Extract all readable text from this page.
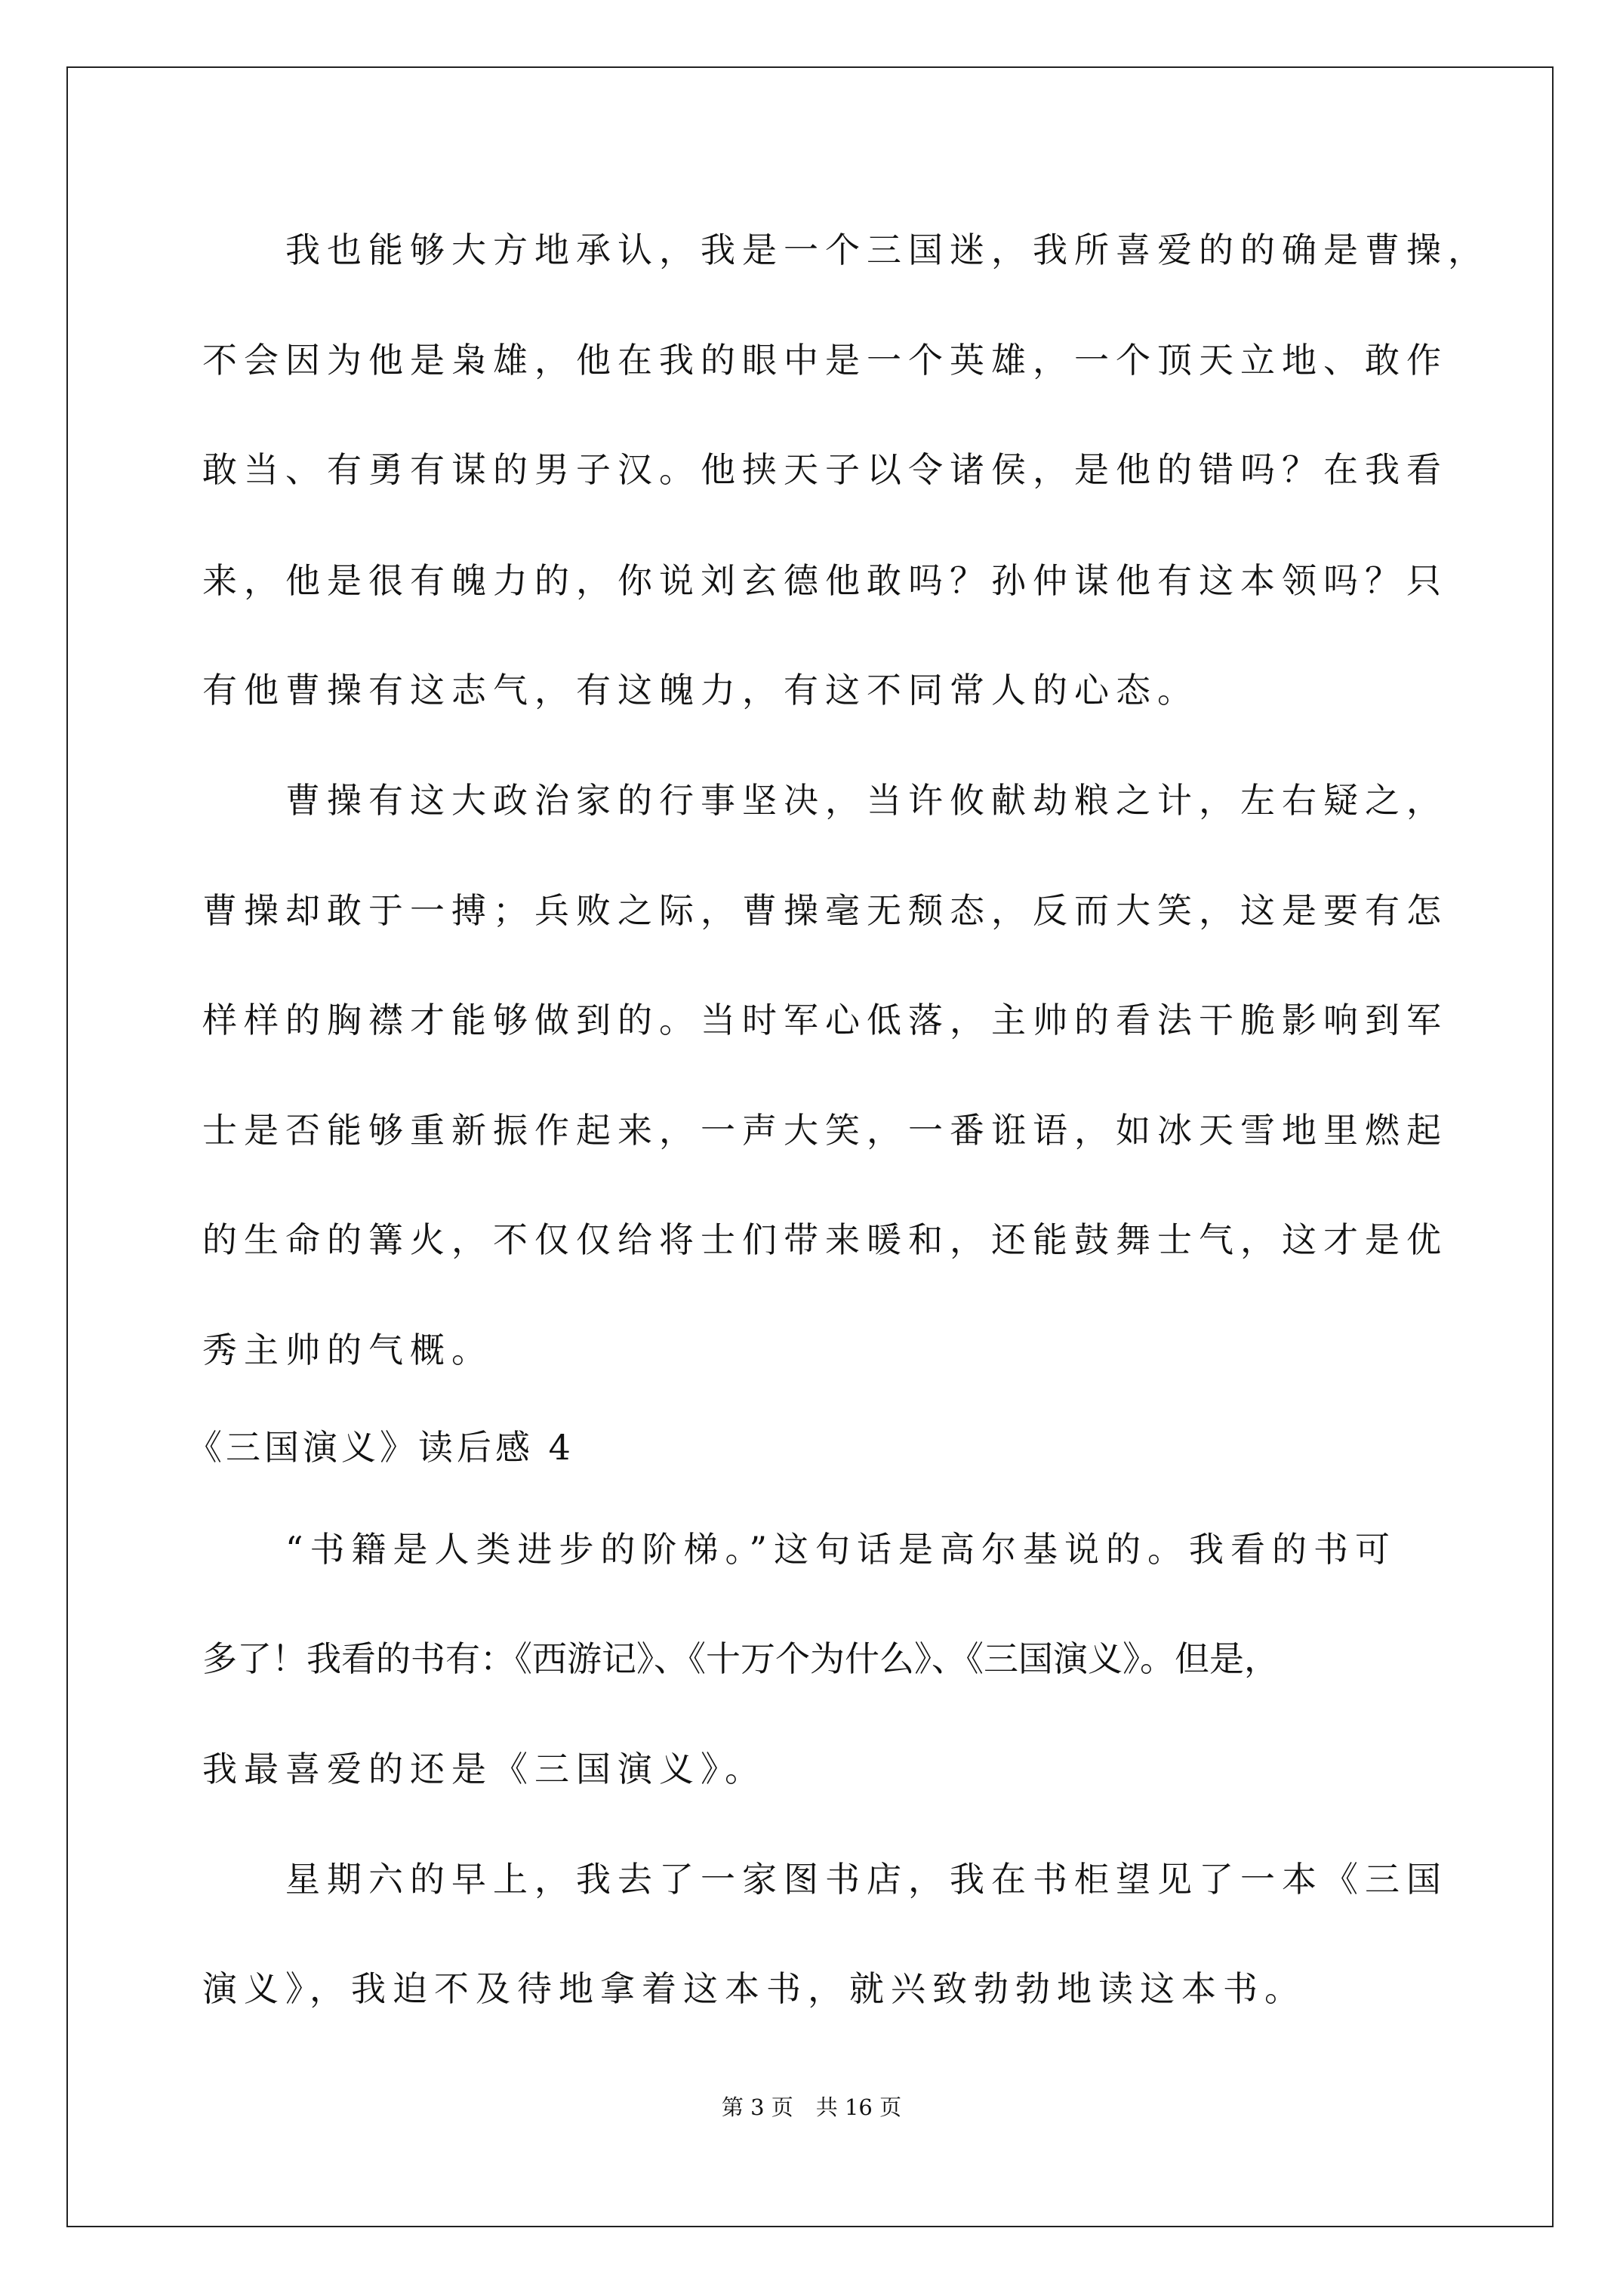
我也能够大方地承认，我是一个三国迷，我所喜爱的的确是曹操，
不会因为他是枭雄，他在我的眼中是一个英雄，一个顶天立地、敢作
敢当、有勇有谋的男子汉。他挟天子以令诸侯，是他的错吗？在我看
来，他是很有魄力的，你说刘玄德他敢吗？孙仲谋他有这本领吗？只
有他曹操有这志气，有这魄力，有这不同常人的心态。
曹操有这大政治家的行事坚决，当许攸献劫粮之计，左右疑之，
曹操却敢于一搏；兵败之际，曹操毫无颓态，反而大笑，这是要有怎
样样的胸襟才能够做到的。当时军心低落，主帅的看法干脆影响到军
士是否能够重新振作起来，一声大笑，一番诳语，如冰天雪地里燃起
的生命的篝火，不仅仅给将士们带来暖和，还能鼓舞士气，这才是优
秀主帅的气概。
《三国演义》读后感 4
“书籍是人类进步的阶梯。”这句话是高尔基说的。我看的书可
多了！我看的书有：《西游记》、《十万个为什么》、《三国演义》。但是，
我最喜爱的还是《三国演义》。
星期六的早上，我去了一家图书店，我在书柜望见了一本《三国
演义》，我迫不及待地拿着这本书，就兴致勃勃地读这本书。
第 3 页 共 16 页
